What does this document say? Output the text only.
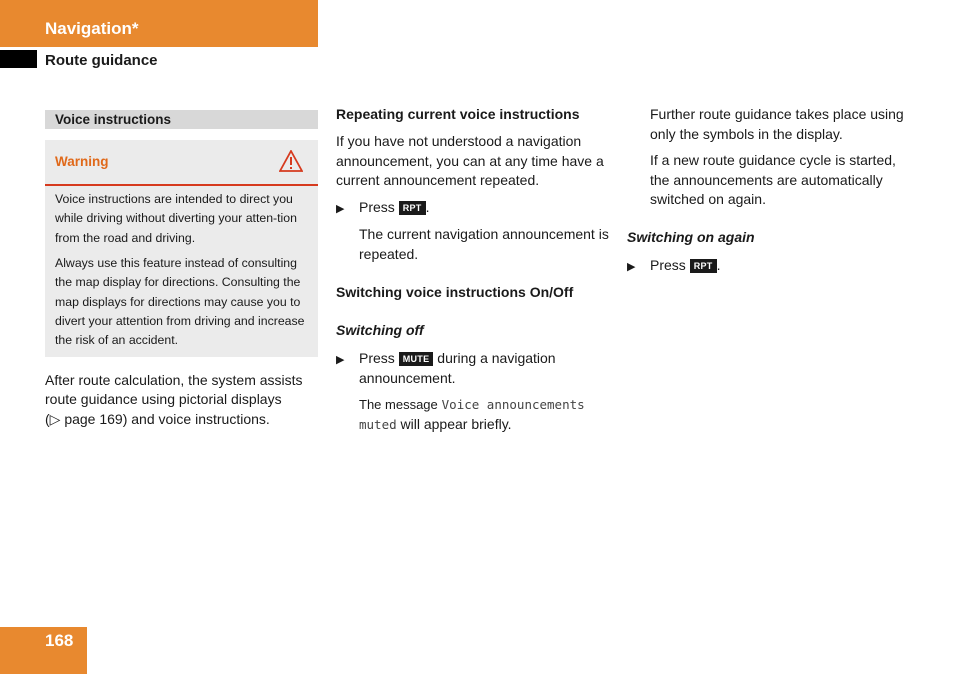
Navigation*
Route guidance
Voice instructions
Warning
Voice instructions are intended to direct you while driving without diverting your atten-tion from the road and driving.
Always use this feature instead of consulting the map display for directions. Consulting the map displays for directions may cause you to divert your attention from driving and increase the risk of an accident.
After route calculation, the system assists
route guidance using pictorial displays
(▷ page 169) and voice instructions.
Repeating current voice instructions
If you have not understood a navigation announcement, you can at any time have a current announcement repeated.
▶ Press RPT .
The current navigation announcement is repeated.
Switching voice instructions On/Off
Switching off
▶ Press MUTE during a navigation announcement.
The message Voice announcements muted will appear briefly.
Further route guidance takes place using only the symbols in the display.
If a new route guidance cycle is started, the announcements are automatically switched on again.
Switching on again
▶ Press RPT .
168
